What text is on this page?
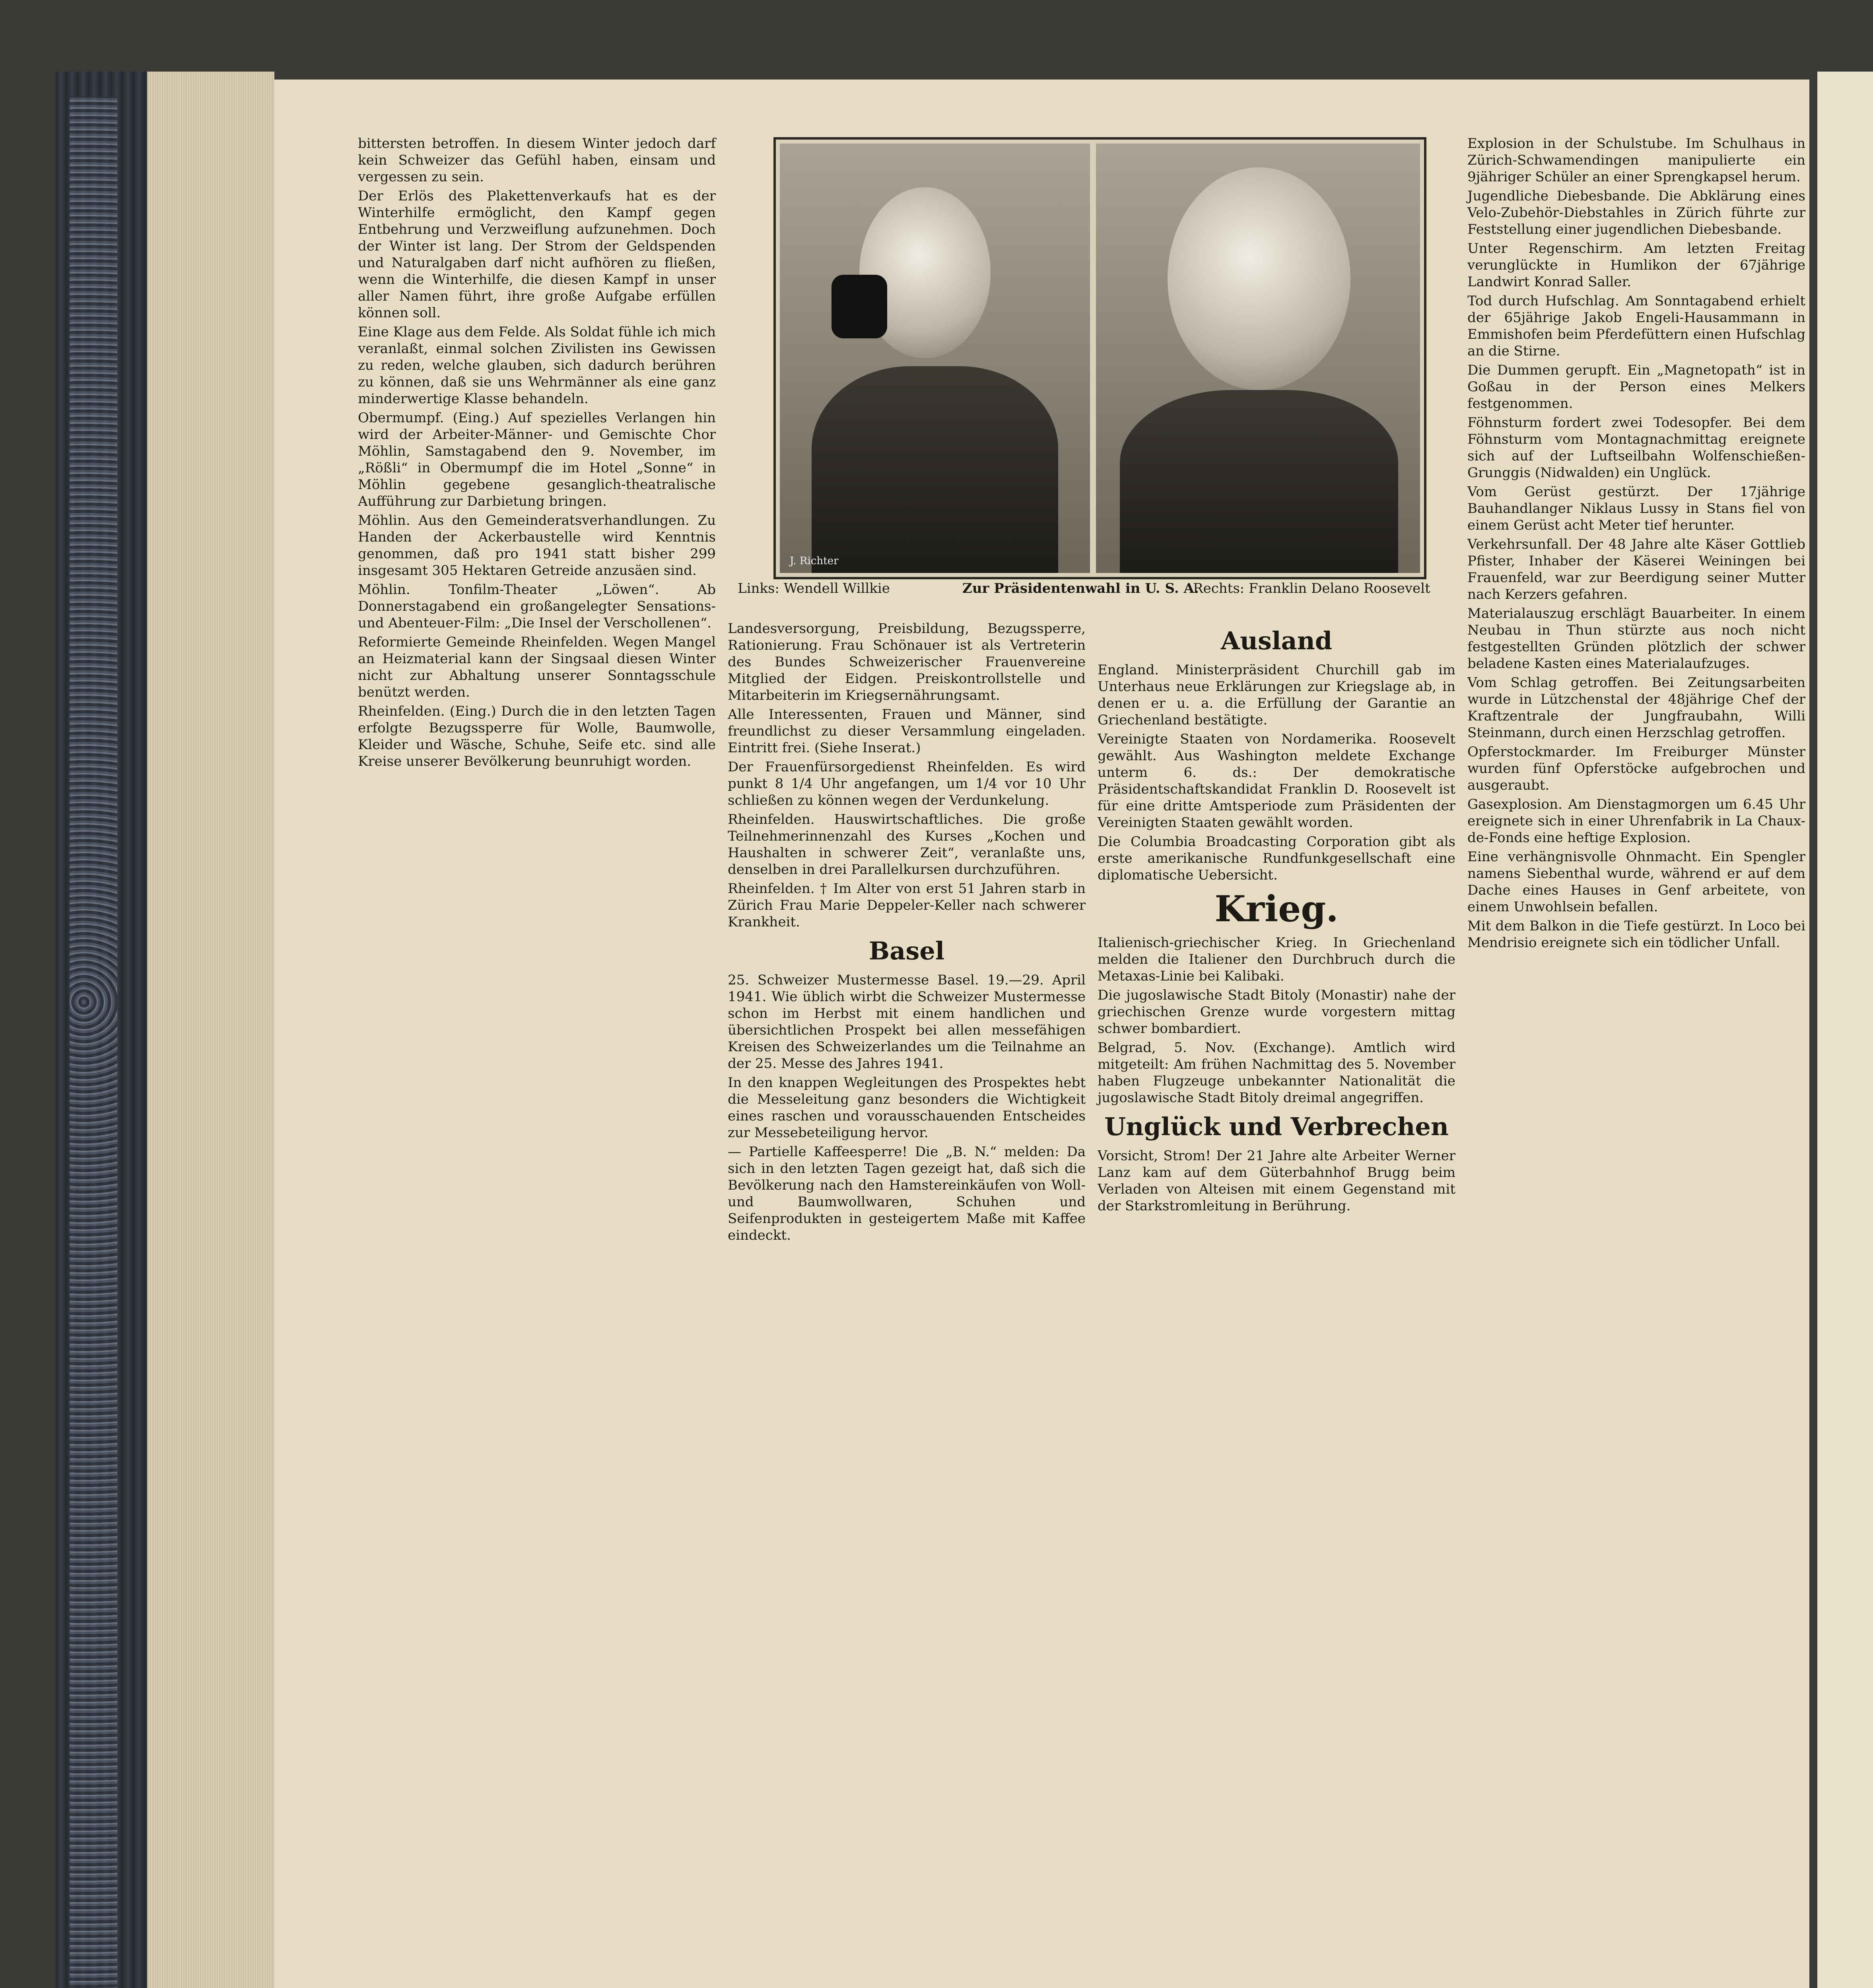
J. Richter
Links: Wendell Willkie	Zur Präsidentenwahl in U. S. A.
Rechts: Franklin Delano Roosevelt

bittersten betroffen. In diesem Winter jedoch darf kein Schweizer das Gefühl haben, einsam und vergessen zu sein.

Der Erlös des Plakettenverkaufs hat es der Winterhilfe ermöglicht, den Kampf gegen Entbehrung und Verzweiflung aufzunehmen. Doch der Winter ist lang. Der Strom der Geldspenden und Naturalgaben darf nicht aufhören zu fließen, wenn die Winterhilfe, die diesen Kampf in unser aller Namen führt, ihre große Aufgabe erfüllen können soll.

Eine Klage aus dem Felde. Als Soldat fühle ich mich veranlaßt, einmal solchen Zivilisten ins Gewissen zu reden, welche glauben, sich dadurch berühren zu können, daß sie uns Wehrmänner als eine ganz minderwertige Klasse behandeln.

Obermumpf. (Eing.) Auf spezielles Verlangen hin wird der Arbeiter-Männer- und Gemischte Chor Möhlin, Samstagabend den 9. November, im „Rößli“ in Obermumpf die im Hotel „Sonne“ in Möhlin gegebene gesanglich-theatralische Aufführung zur Darbietung bringen.

Möhlin. Aus den Gemeinderatsverhandlungen. Zu Handen der Ackerbaustelle wird Kenntnis genommen, daß pro 1941 statt bisher 299 insgesamt 305 Hektaren Getreide anzusäen sind.

Möhlin. Tonfilm-Theater „Löwen“. Ab Donnerstagabend ein großangelegter Sensations- und Abenteuer-Film: „Die Insel der Verschollenen“.

Reformierte Gemeinde Rheinfelden. Wegen Mangel an Heizmaterial kann der Singsaal diesen Winter nicht zur Abhaltung unserer Sonntagsschule benützt werden.

Rheinfelden. (Eing.) Durch die in den letzten Tagen erfolgte Bezugssperre für Wolle, Baumwolle, Kleider und Wäsche, Schuhe, Seife etc. sind alle Kreise unserer Bevölkerung beunruhigt worden.

Landesversorgung, Preisbildung, Bezugssperre, Rationierung. Frau Schönauer ist als Vertreterin des Bundes Schweizerischer Frauenvereine Mitglied der Eidgen. Preiskontrollstelle und Mitarbeiterin im Kriegsernährungsamt.

Alle Interessenten, Frauen und Männer, sind freundlichst zu dieser Versammlung eingeladen. Eintritt frei. (Siehe Inserat.)

Der Frauenfürsorgedienst Rheinfelden. Es wird punkt 8 1/4 Uhr angefangen, um 1/4 vor 10 Uhr schließen zu können wegen der Verdunkelung.

Rheinfelden. Hauswirtschaftliches. Die große Teilnehmerinnenzahl des Kurses „Kochen und Haushalten in schwerer Zeit“, veranlaßte uns, denselben in drei Parallelkursen durchzuführen.

Rheinfelden. † Im Alter von erst 51 Jahren starb in Zürich Frau Marie Deppeler-Keller nach schwerer Krankheit.

Basel

25. Schweizer Mustermesse Basel. 19.—29. April 1941. Wie üblich wirbt die Schweizer Mustermesse schon im Herbst mit einem handlichen und übersichtlichen Prospekt bei allen messefähigen Kreisen des Schweizerlandes um die Teilnahme an der 25. Messe des Jahres 1941.

In den knappen Wegleitungen des Prospektes hebt die Messeleitung ganz besonders die Wichtigkeit eines raschen und vorausschauenden Entscheides zur Messebeteiligung hervor.

— Partielle Kaffeesperre! Die „B. N.“ melden: Da sich in den letzten Tagen gezeigt hat, daß sich die Bevölkerung nach den Hamstereinkäufen von Woll- und Baumwollwaren, Schuhen und Seifenprodukten in gesteigertem Maße mit Kaffee eindeckt.

Ausland

England. Ministerpräsident Churchill gab im Unterhaus neue Erklärungen zur Kriegslage ab, in denen er u. a. die Erfüllung der Garantie an Griechenland bestätigte.

Vereinigte Staaten von Nordamerika. Roosevelt gewählt. Aus Washington meldete Exchange unterm 6. ds.: Der demokratische Präsidentschaftskandidat Franklin D. Roosevelt ist für eine dritte Amtsperiode zum Präsidenten der Vereinigten Staaten gewählt worden.

Die Columbia Broadcasting Corporation gibt als erste amerikanische Rundfunkgesellschaft eine diplomatische Uebersicht.

Krieg.

Italienisch-griechischer Krieg. In Griechenland melden die Italiener den Durchbruch durch die Metaxas-Linie bei Kalibaki.

Die jugoslawische Stadt Bitoly (Monastir) nahe der griechischen Grenze wurde vorgestern mittag schwer bombardiert.

Belgrad, 5. Nov. (Exchange). Amtlich wird mitgeteilt: Am frühen Nachmittag des 5. November haben Flugzeuge unbekannter Nationalität die jugoslawische Stadt Bitoly dreimal angegriffen.

Unglück und Verbrechen

Vorsicht, Strom! Der 21 Jahre alte Arbeiter Werner Lanz kam auf dem Güterbahnhof Brugg beim Verladen von Alteisen mit einem Gegenstand mit der Starkstromleitung in Berührung.

Explosion in der Schulstube. Im Schulhaus in Zürich-Schwamendingen manipulierte ein 9jähriger Schüler an einer Sprengkapsel herum.

Jugendliche Diebesbande. Die Abklärung eines Velo-Zubehör-Diebstahles in Zürich führte zur Feststellung einer jugendlichen Diebesbande.

Unter Regenschirm. Am letzten Freitag verunglückte in Humlikon der 67jährige Landwirt Konrad Saller.

Tod durch Hufschlag. Am Sonntagabend erhielt der 65jährige Jakob Engeli-Hausammann in Emmishofen beim Pferdefüttern einen Hufschlag an die Stirne.

Die Dummen gerupft. Ein „Magnetopath“ ist in Goßau in der Person eines Melkers festgenommen.

Föhnsturm fordert zwei Todesopfer. Bei dem Föhnsturm vom Montagnachmittag ereignete sich auf der Luftseilbahn Wolfenschießen-Grunggis (Nidwalden) ein Unglück.

Vom Gerüst gestürzt. Der 17jährige Bauhandlanger Niklaus Lussy in Stans fiel von einem Gerüst acht Meter tief herunter.

Verkehrsunfall. Der 48 Jahre alte Käser Gottlieb Pfister, Inhaber der Käserei Weiningen bei Frauenfeld, war zur Beerdigung seiner Mutter nach Kerzers gefahren.

Materialauszug erschlägt Bauarbeiter. In einem Neubau in Thun stürzte aus noch nicht festgestellten Gründen plötzlich der schwer beladene Kasten eines Materialaufzuges.

Vom Schlag getroffen. Bei Zeitungsarbeiten wurde in Lützchenstal der 48jährige Chef der Kraftzentrale der Jungfraubahn, Willi Steinmann, durch einen Herzschlag getroffen.

Opferstockmarder. Im Freiburger Münster wurden fünf Opferstöcke aufgebrochen und ausgeraubt.

Gasexplosion. Am Dienstagmorgen um 6.45 Uhr ereignete sich in einer Uhrenfabrik in La Chaux-de-Fonds eine heftige Explosion.

Eine verhängnisvolle Ohnmacht. Ein Spengler namens Siebenthal wurde, während er auf dem Dache eines Hauses in Genf arbeitete, von einem Unwohlsein befallen.

Mit dem Balkon in die Tiefe gestürzt. In Loco bei Mendrisio ereignete sich ein tödlicher Unfall.
